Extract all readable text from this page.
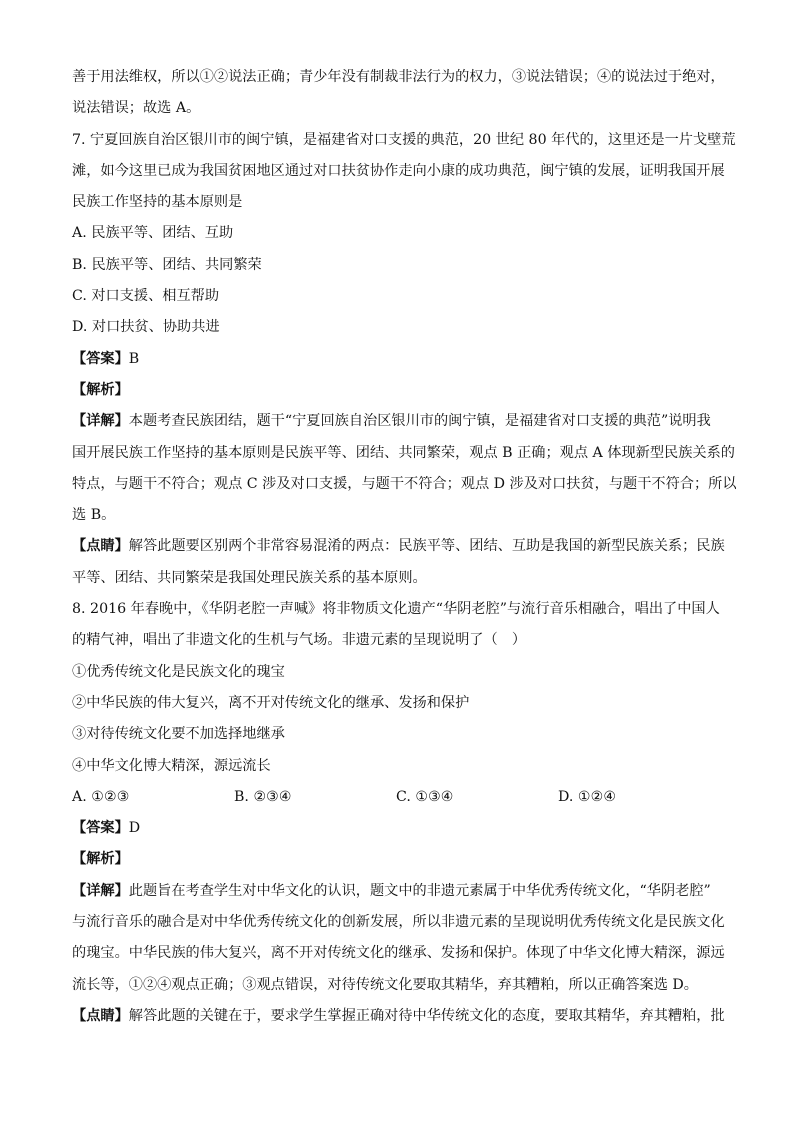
善于用法维权，所以①②说法正确；青少年没有制裁非法行为的权力，③说法错误；④的说法过于绝对，

说法错误；故选 A。

7. 宁夏回族自治区银川市的闽宁镇，是福建省对口支援的典范，20 世纪 80 年代的，这里还是一片戈壁荒

滩，如今这里已成为我国贫困地区通过对口扶贫协作走向小康的成功典范，闽宁镇的发展，证明我国开展

民族工作坚持的基本原则是

A. 民族平等、团结、互助

B. 民族平等、团结、共同繁荣

C. 对口支援、相互帮助

D. 对口扶贫、协助共进

【答案】B

【解析】

【详解】本题考查民族团结，题干“宁夏回族自治区银川市的闽宁镇，是福建省对口支援的典范”说明我

国开展民族工作坚持的基本原则是民族平等、团结、共同繁荣，观点 B 正确；观点 A 体现新型民族关系的

特点，与题干不符合；观点 C 涉及对口支援，与题干不符合；观点 D 涉及对口扶贫，与题干不符合；所以

选 B。

【点睛】解答此题要区别两个非常容易混淆的两点：民族平等、团结、互助是我国的新型民族关系；民族

平等、团结、共同繁荣是我国处理民族关系的基本原则。

8. 2016 年春晚中，《华阴老腔一声喊》将非物质文化遗产“华阴老腔”与流行音乐相融合，唱出了中国人

的精气神，唱出了非遗文化的生机与气场。非遗元素的呈现说明了（　）

①优秀传统文化是民族文化的瑰宝

②中华民族的伟大复兴，离不开对传统文化的继承、发扬和保护

③对待传统文化要不加选择地继承

④中华文化博大精深，源远流长

A. ①②③	B. ②③④	C. ①③④	D. ①②④

【答案】D

【解析】

【详解】此题旨在考查学生对中华文化的认识，题文中的非遗元素属于中华优秀传统文化，“华阴老腔”

与流行音乐的融合是对中华优秀传统文化的创新发展，所以非遗元素的呈现说明优秀传统文化是民族文化

的瑰宝。中华民族的伟大复兴，离不开对传统文化的继承、发扬和保护。体现了中华文化博大精深，源远

流长等，①②④观点正确；③观点错误，对待传统文化要取其精华，弃其糟粕，所以正确答案选 D。

【点睛】解答此题的关键在于，要求学生掌握正确对待中华传统文化的态度，要取其精华，弃其糟粕，批
